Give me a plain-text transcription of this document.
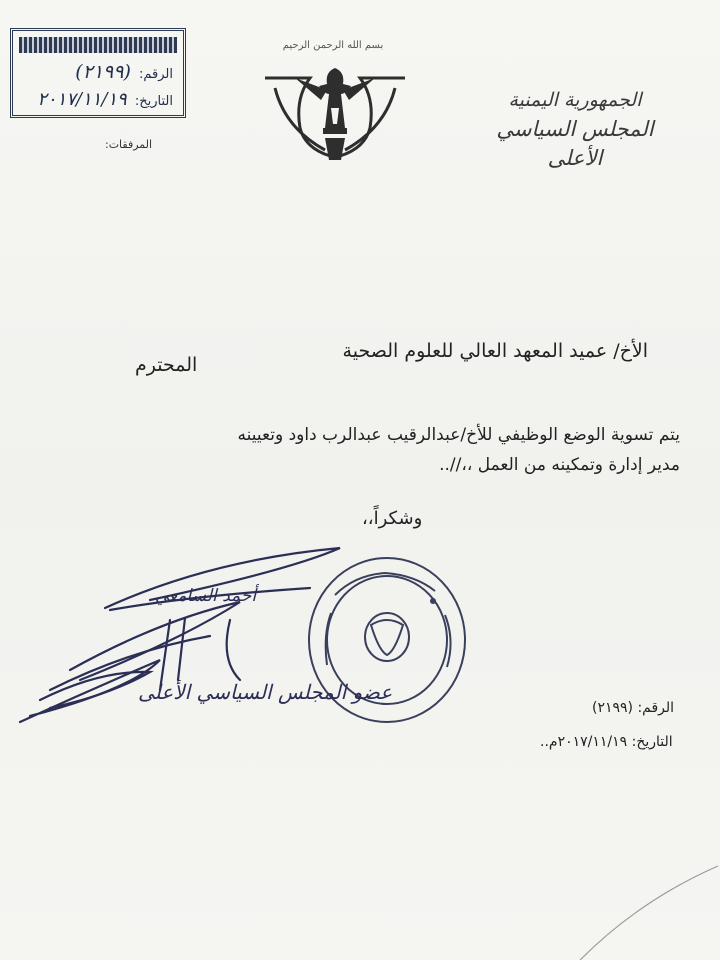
الجمهورية اليمنية
المجلس السياسي الأعلى
بسم الله الرحمن الرحيم
الرقم: (٢١٩٩)
التاريخ: ٢٠١٧/١١/١٩
المرفقات:
الأخ/ عميد المعهد العالي للعلوم الصحية
المحترم
يتم تسوية الوضع الوظيفي للأخ/عبدالرقيب عبدالرب داود وتعيينه
مدير إدارة وتمكينه من العمل ،،//..
وشكراً،،
أحمد السامعي
عضو المجلس السياسي الأعلى
الرقم: (٢١٩٩)
التاريخ: ٢٠١٧/١١/١٩م..
